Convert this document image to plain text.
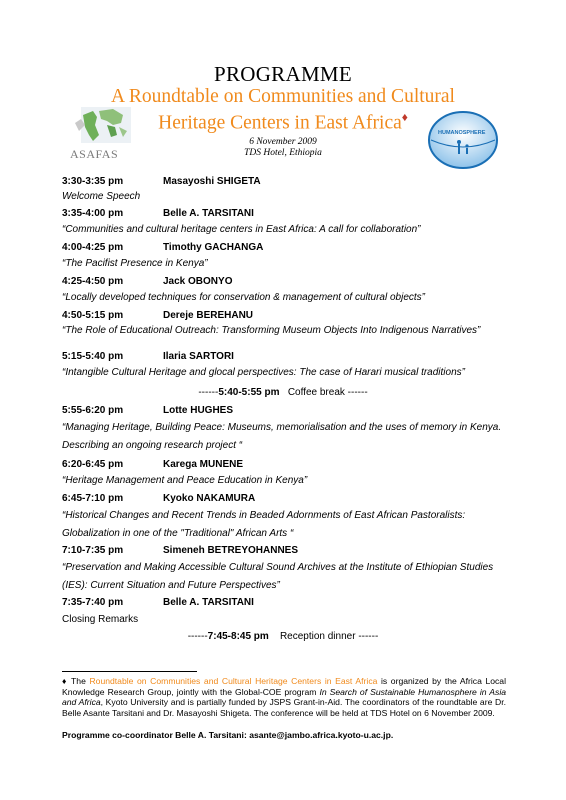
PROGRAMME
A Roundtable on Communities and Cultural
Heritage Centers in East Africa♦
6 November 2009
TDS Hotel, Ethiopia
ASAFAS
HUMANOSPHERE
3:30-3:35 pm	Masayoshi SHIGETA
Welcome Speech
3:35-4:00 pm	Belle A. TARSITANI
“Communities and cultural heritage centers in East Africa: A call for collaboration”
4:00-4:25 pm	Timothy GACHANGA
“The Pacifist Presence in Kenya”
4:25-4:50 pm	Jack OBONYO
“Locally developed techniques for conservation & management of cultural objects”
4:50-5:15 pm	Dereje BEREHANU
“The Role of Educational Outreach: Transforming Museum Objects Into Indigenous Narratives”
5:15-5:40 pm	Ilaria SARTORI
“Intangible Cultural Heritage and glocal perspectives: The case of Harari musical traditions”
------5:40-5:55 pm Coffee break ------
5:55-6:20 pm	Lotte HUGHES
“Managing Heritage, Building Peace: Museums, memorialisation and the uses of memory in Kenya. Describing an ongoing research project “
6:20-6:45 pm	Karega MUNENE
“Heritage Management and Peace Education in Kenya”
6:45-7:10 pm	Kyoko NAKAMURA
“Historical Changes and Recent Trends in Beaded Adornments of East African Pastoralists: Globalization in one of the "Traditional" African Arts “
7:10-7:35 pm	Simeneh BETREYOHANNES
“Preservation and Making Accessible Cultural Sound Archives at the Institute of Ethiopian Studies (IES): Current Situation and Future Perspectives”
7:35-7:40 pm	Belle A. TARSITANI
Closing Remarks
------7:45-8:45 pm Reception dinner ------
♦ The Roundtable on Communities and Cultural Heritage Centers in East Africa is organized by the Africa Local Knowledge Research Group, jointly with the Global-COE program In Search of Sustainable Humanosphere in Asia and Africa, Kyoto University and is partially funded by JSPS Grant-in-Aid. The coordinators of the roundtable are Dr. Belle Asante Tarsitani and Dr. Masayoshi Shigeta. The conference will be held at TDS Hotel on 6 November 2009.
Programme co-coordinator Belle A. Tarsitani: asante@jambo.africa.kyoto-u.ac.jp.
